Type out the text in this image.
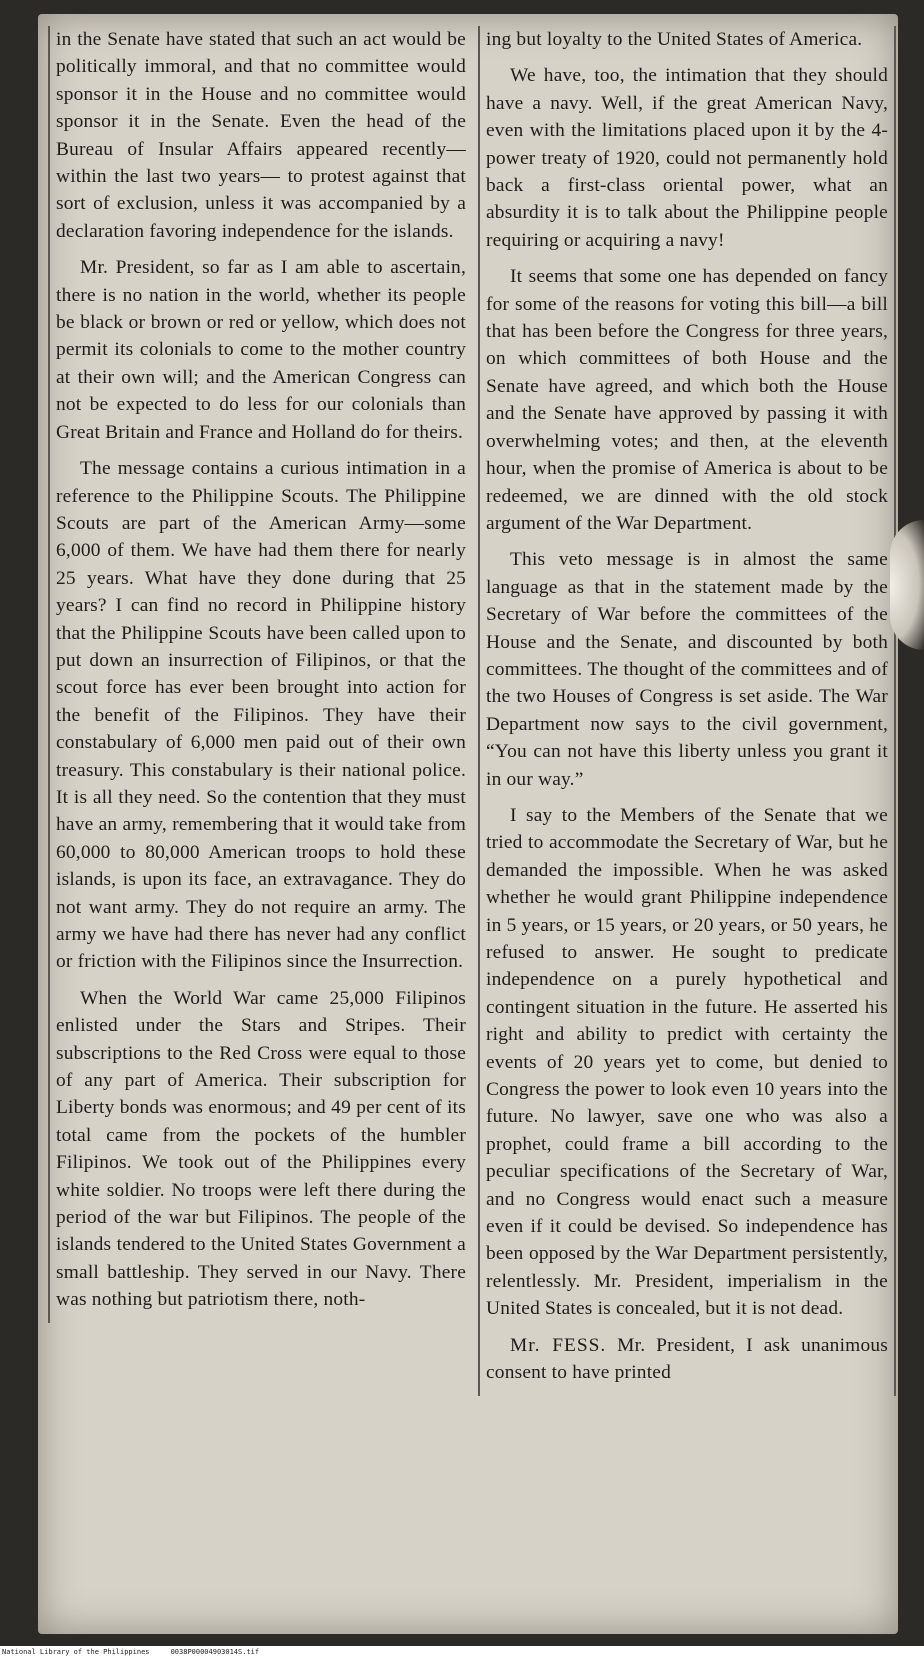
in the Senate have stated that such an act would be politically immoral, and that no committee would sponsor it in the House and no committee would sponsor it in the Senate. Even the head of the Bureau of Insular Affairs appeared recently—within the last two years— to protest against that sort of exclusion, unless it was accompanied by a declaration favoring independence for the islands.

Mr. President, so far as I am able to ascertain, there is no nation in the world, whether its people be black or brown or red or yellow, which does not permit its colonials to come to the mother country at their own will; and the American Congress can not be expected to do less for our colonials than Great Britain and France and Holland do for theirs.

The message contains a curious intimation in a reference to the Philippine Scouts. The Philippine Scouts are part of the American Army—some 6,000 of them. We have had them there for nearly 25 years. What have they done during that 25 years? I can find no record in Philippine history that the Philippine Scouts have been called upon to put down an insurrection of Filipinos, or that the scout force has ever been brought into action for the benefit of the Filipinos. They have their constabulary of 6,000 men paid out of their own treasury. This constabulary is their national police. It is all they need. So the contention that they must have an army, remembering that it would take from 60,000 to 80,000 American troops to hold these islands, is upon its face, an extravagance. They do not want army. They do not require an army. The army we have had there has never had any conflict or friction with the Filipinos since the Insurrection.

When the World War came 25,000 Filipinos enlisted under the Stars and Stripes. Their subscriptions to the Red Cross were equal to those of any part of America. Their subscription for Liberty bonds was enormous; and 49 per cent of its total came from the pockets of the humbler Filipinos. We took out of the Philippines every white soldier. No troops were left there during the period of the war but Filipinos. The people of the islands tendered to the United States Government a small battleship. They served in our Navy. There was nothing but patriotism there, noth-

ing but loyalty to the United States of America.

We have, too, the intimation that they should have a navy. Well, if the great American Navy, even with the limitations placed upon it by the 4-power treaty of 1920, could not permanently hold back a first-class oriental power, what an absurdity it is to talk about the Philippine people requiring or acquiring a navy!

It seems that some one has depended on fancy for some of the reasons for voting this bill—a bill that has been before the Congress for three years, on which committees of both House and the Senate have agreed, and which both the House and the Senate have approved by passing it with overwhelming votes; and then, at the eleventh hour, when the promise of America is about to be redeemed, we are dinned with the old stock argument of the War Department.

This veto message is in almost the same language as that in the statement made by the Secretary of War before the committees of the House and the Senate, and discounted by both committees. The thought of the committees and of the two Houses of Congress is set aside. The War Department now says to the civil government, “You can not have this liberty unless you grant it in our way.”

I say to the Members of the Senate that we tried to accommodate the Secretary of War, but he demanded the impossible. When he was asked whether he would grant Philippine independence in 5 years, or 15 years, or 20 years, or 50 years, he refused to answer. He sought to predicate independence on a purely hypothetical and contingent situation in the future. He asserted his right and ability to predict with certainty the events of 20 years yet to come, but denied to Congress the power to look even 10 years into the future. No lawyer, save one who was also a prophet, could frame a bill according to the peculiar specifications of the Secretary of War, and no Congress would enact such a measure even if it could be devised. So independence has been opposed by the War Department persistently, relentlessly. Mr. President, imperialism in the United States is concealed, but it is not dead.

Mr. FESS. Mr. President, I ask unanimous consent to have printed

National Library of the Philippines	0038P00004903014S.tif
